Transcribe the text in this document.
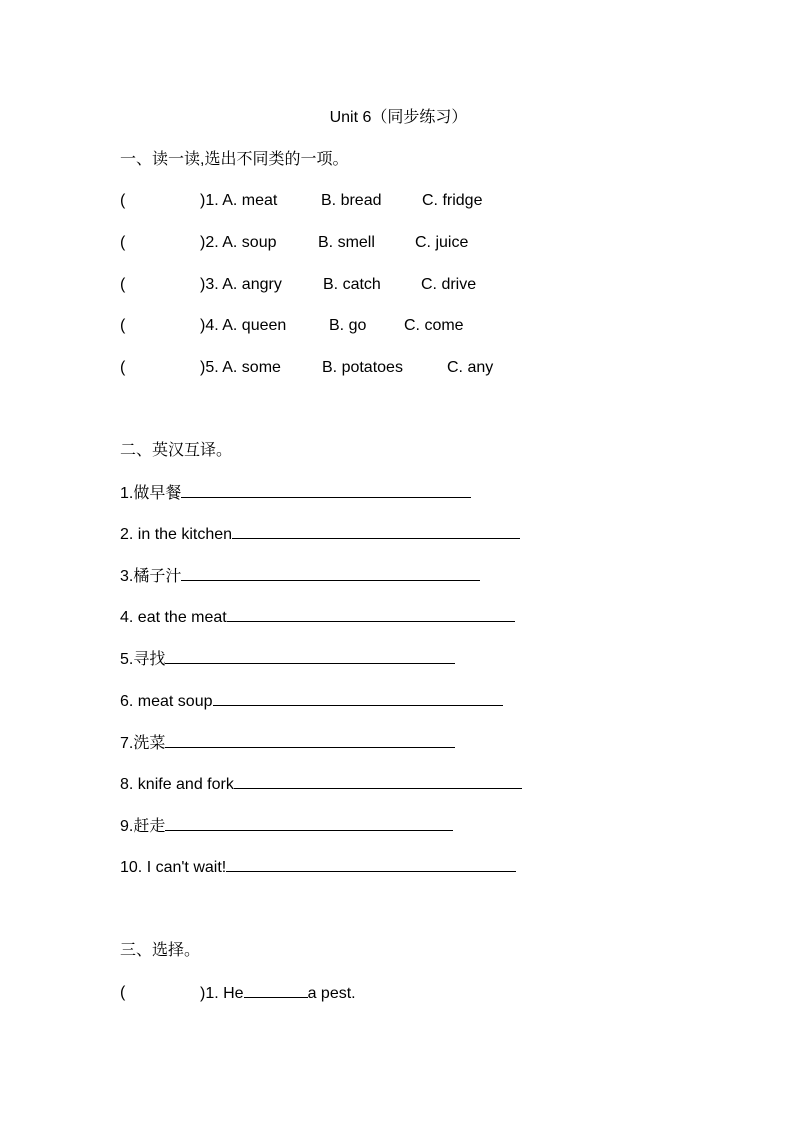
Unit 6（同步练习）
一、读一读,选出不同类的一项。
(	)1. A. meat	B. bread	C. fridge
(	)2. A. soup	B. smell	C. juice
(	)3. A. angry	B. catch	C. drive
(	)4. A. queen	B. go C. come
(	)5. A. some	B. potatoes	C. any
二、英汉互译。
1.做早餐
2. in the kitchen
3.橘子汁
4. eat the meat
5.寻找
6. meat soup
7.洗菜
8. knife and fork
9.赶走
10. I can't wait!
三、选择。
(	)1. He	a pest.
